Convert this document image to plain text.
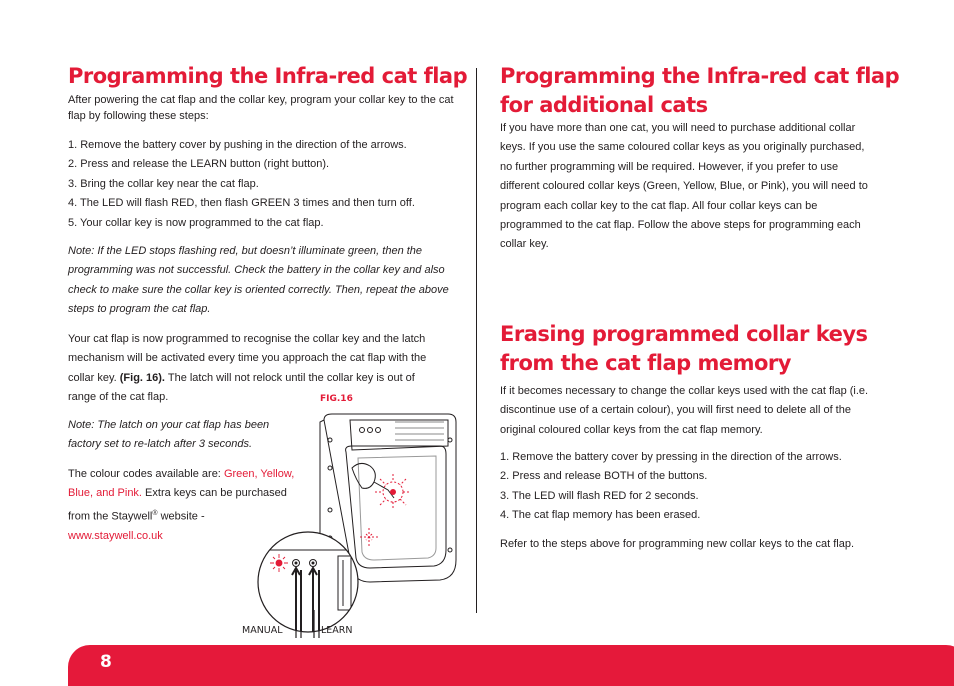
Programming the Infra-red cat flap

After powering the cat flap and the collar key, program your collar key to the cat flap by following these steps:

1. Remove the battery cover by pushing in the direction of the arrows.

2. Press and release the LEARN button (right button).

3. Bring the collar key near the cat flap.

4. The LED will flash RED, then flash GREEN 3 times and then turn off.

5. Your collar key is now programmed to the cat flap.

Note: If the LED stops flashing red, but doesn’t illuminate green, then the programming was not successful. Check the battery in the collar key and also check to make sure the collar key is oriented correctly. Then, repeat the above steps to program the cat flap.

Your cat flap is now programmed to recognise the collar key and the latch mechanism will be activated every time you approach the cat flap with the collar key. (Fig. 16). The latch will not relock until the collar key is out of range of the cat flap.

Note: The latch on your cat flap has been factory set to re-latch after 3 seconds.

The colour codes available are: Green, Yellow, Blue, and Pink. Extra keys can be purchased from the Staywell® website - www.staywell.co.uk

FIG.16
MANUAL	LEARN
Programming the Infra-red cat flap for additional cats

If you have more than one cat, you will need to purchase additional collar keys. If you use the same coloured collar keys as you originally purchased, no further programming will be required. However, if you prefer to use different coloured collar keys (Green, Yellow, Blue, or Pink), you will need to program each collar key to the cat flap. All four collar keys can be programmed to the cat flap. Follow the above steps for programming each collar key.

Erasing programmed collar keys from the cat flap memory

If it becomes necessary to change the collar keys used with the cat flap (i.e. discontinue use of a certain colour), you will first need to delete all of the original coloured collar keys from the cat flap memory.

1. Remove the battery cover by pressing in the direction of the arrows.

2. Press and release BOTH of the buttons.

3. The LED will flash RED for 2 seconds.

4. The cat flap memory has been erased.

Refer to the steps above for programming new collar keys to the cat flap.

8
